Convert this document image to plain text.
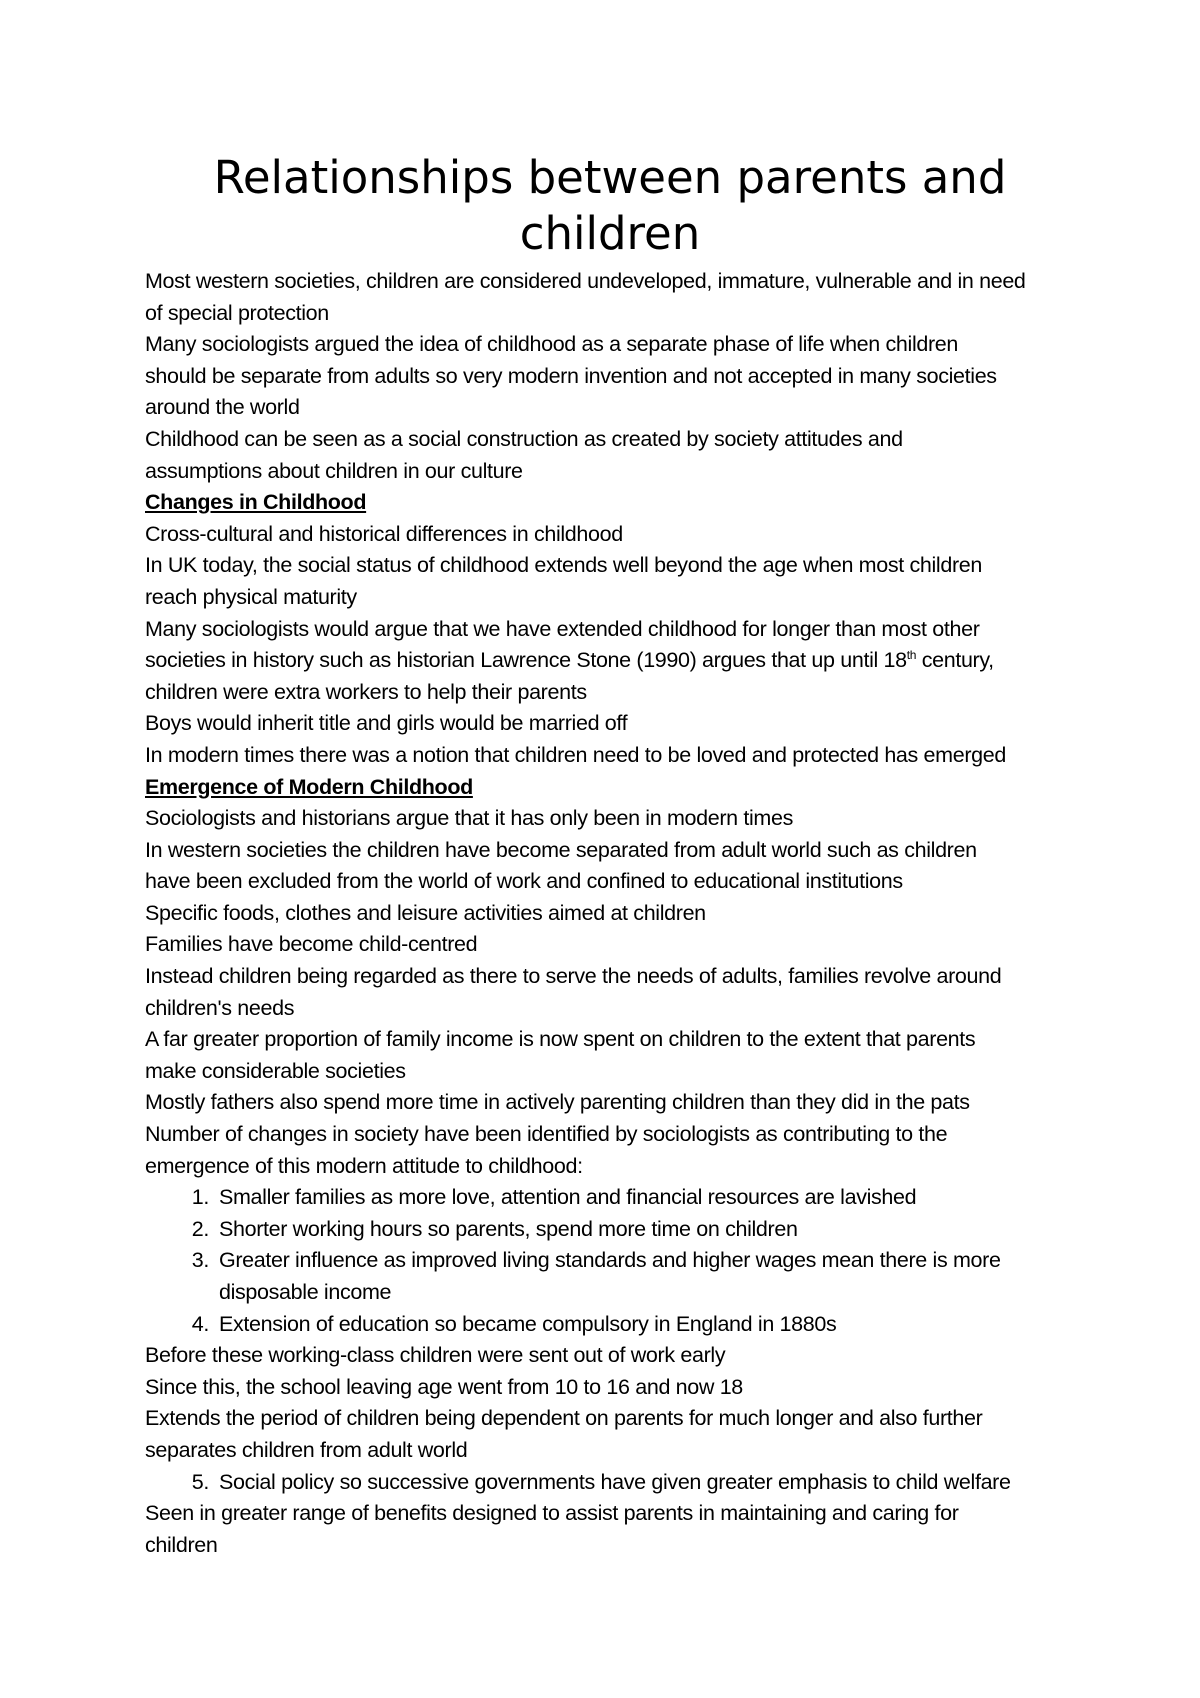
Relationships between parents and
children

Most western societies, children are considered undeveloped, immature, vulnerable and in need

of special protection

Many sociologists argued the idea of childhood as a separate phase of life when children

should be separate from adults so very modern invention and not accepted in many societies

around the world

Childhood can be seen as a social construction as created by society attitudes and

assumptions about children in our culture

Changes in Childhood

Cross-cultural and historical differences in childhood

In UK today, the social status of childhood extends well beyond the age when most children

reach physical maturity

Many sociologists would argue that we have extended childhood for longer than most other

societies in history such as historian Lawrence Stone (1990) argues that up until 18th century,

children were extra workers to help their parents

Boys would inherit title and girls would be married off

In modern times there was a notion that children need to be loved and protected has emerged

Emergence of Modern Childhood

Sociologists and historians argue that it has only been in modern times

In western societies the children have become separated from adult world such as children

have been excluded from the world of work and confined to educational institutions

Specific foods, clothes and leisure activities aimed at children

Families have become child-centred

Instead children being regarded as there to serve the needs of adults, families revolve around

children's needs

A far greater proportion of family income is now spent on children to the extent that parents

make considerable societies

Mostly fathers also spend more time in actively parenting children than they did in the pats

Number of changes in society have been identified by sociologists as contributing to the

emergence of this modern attitude to childhood:

1. Smaller families as more love, attention and financial resources are lavished

2. Shorter working hours so parents, spend more time on children

3. Greater influence as improved living standards and higher wages mean there is more

disposable income

4. Extension of education so became compulsory in England in 1880s

Before these working-class children were sent out of work early

Since this, the school leaving age went from 10 to 16 and now 18

Extends the period of children being dependent on parents for much longer and also further

separates children from adult world

5. Social policy so successive governments have given greater emphasis to child welfare

Seen in greater range of benefits designed to assist parents in maintaining and caring for

children
